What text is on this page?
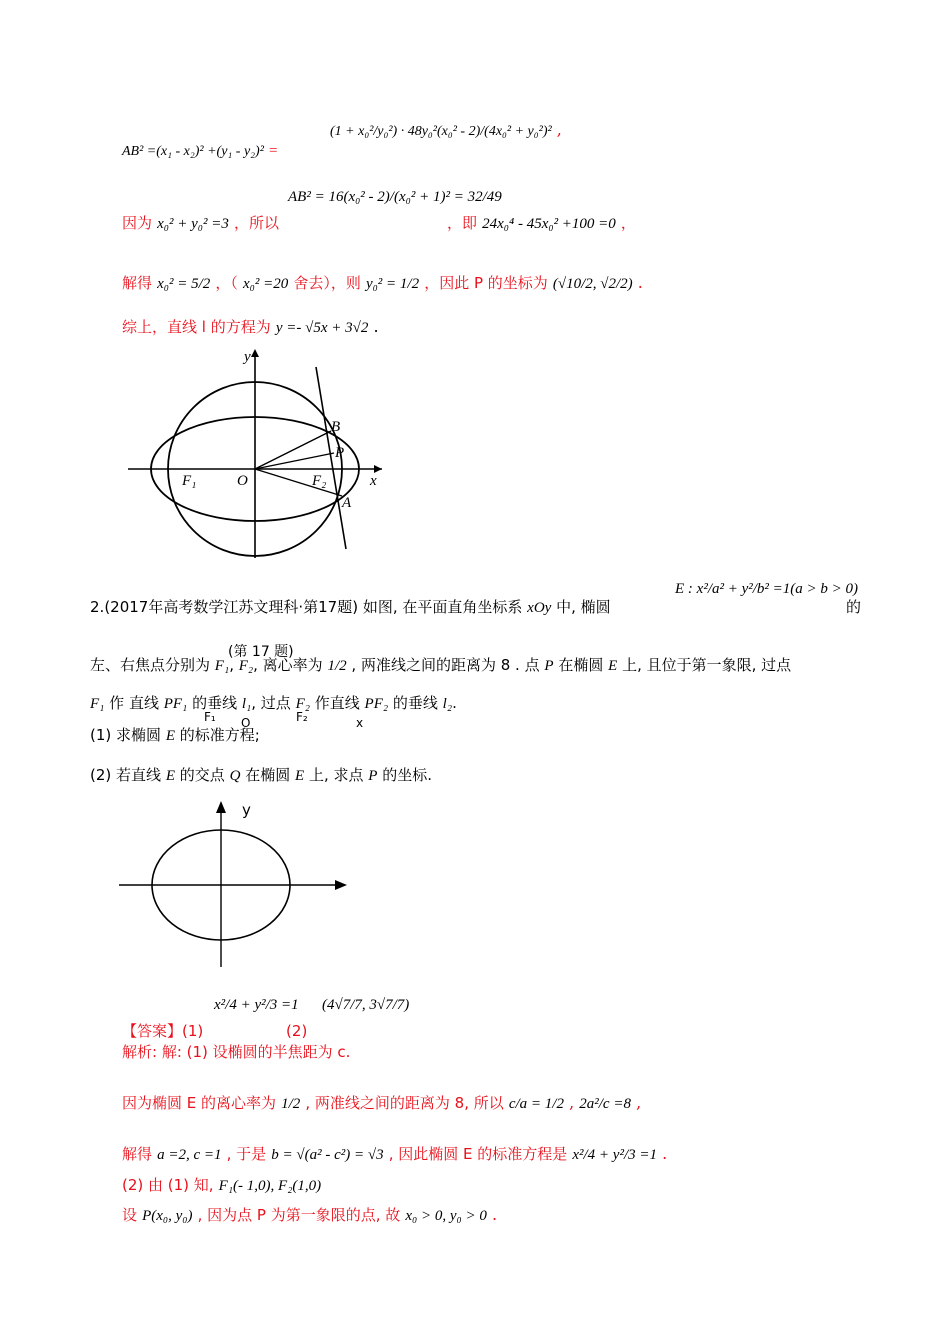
AB² =(x₁ - x₂)² +(y₁ - y₂)² =
(1 + x₀²/y₀²) · 48y₀²(x₀² - 2)/(4x₀² + y₀²)² ,
因为 x₀² + y₀² =3 ，所以
AB² = 16(x₀² - 2)/(x₀² + 1)² = 32/49
，即 24x₀⁴ - 45x₀² +100 =0 ，
解得 x₀² = 5/2 ，（ x₀² =20 舍去），则 y₀² = 1/2 ，因此 P 的坐标为 (√10/2, √2/2) .
综上，直线 l 的方程为 y =- √5x + 3√2 .
y
x
O
F₁	F₂
B
P
A
2.(2017年高考数学江苏文理科·第17题) 如图, 在平面直角坐标系 xOy 中, 椭圆
E : x²/a² + y²/b² =1(a > b > 0)
的
左、右焦点分别为 F₁, F₂, 离心率为 1/2 , 两准线之间的距离为 8 . 点 P 在椭圆 E 上, 且位于第一象限, 过点
(第 17 题)
F₁ 作 直线 PF₁ 的垂线 l₁, 过点 F₂ 作直线 PF₂ 的垂线 l₂.
F₁ O	F₂	x
(1) 求椭圆 E 的标准方程;
(2) 若直线 E 的交点 Q 在椭圆 E 上, 求点 P 的坐标.
y
x²/4 + y²/3 =1 (4√7/7, 3√7/7)
【答案】(1)	(2)
解析: 解: (1) 设椭圆的半焦距为 c.
因为椭圆 E 的离心率为 1/2 , 两准线之间的距离为 8, 所以 c/a = 1/2 , 2a²/c =8 ,
解得 a =2, c =1 , 于是 b = √(a² - c²) = √3 , 因此椭圆 E 的标准方程是 x²/4 + y²/3 =1 .
(2) 由 (1) 知, F₁(- 1,0), F₂(1,0)
设 P(x₀, y₀) , 因为点 P 为第一象限的点, 故 x₀ > 0, y₀ > 0 .
